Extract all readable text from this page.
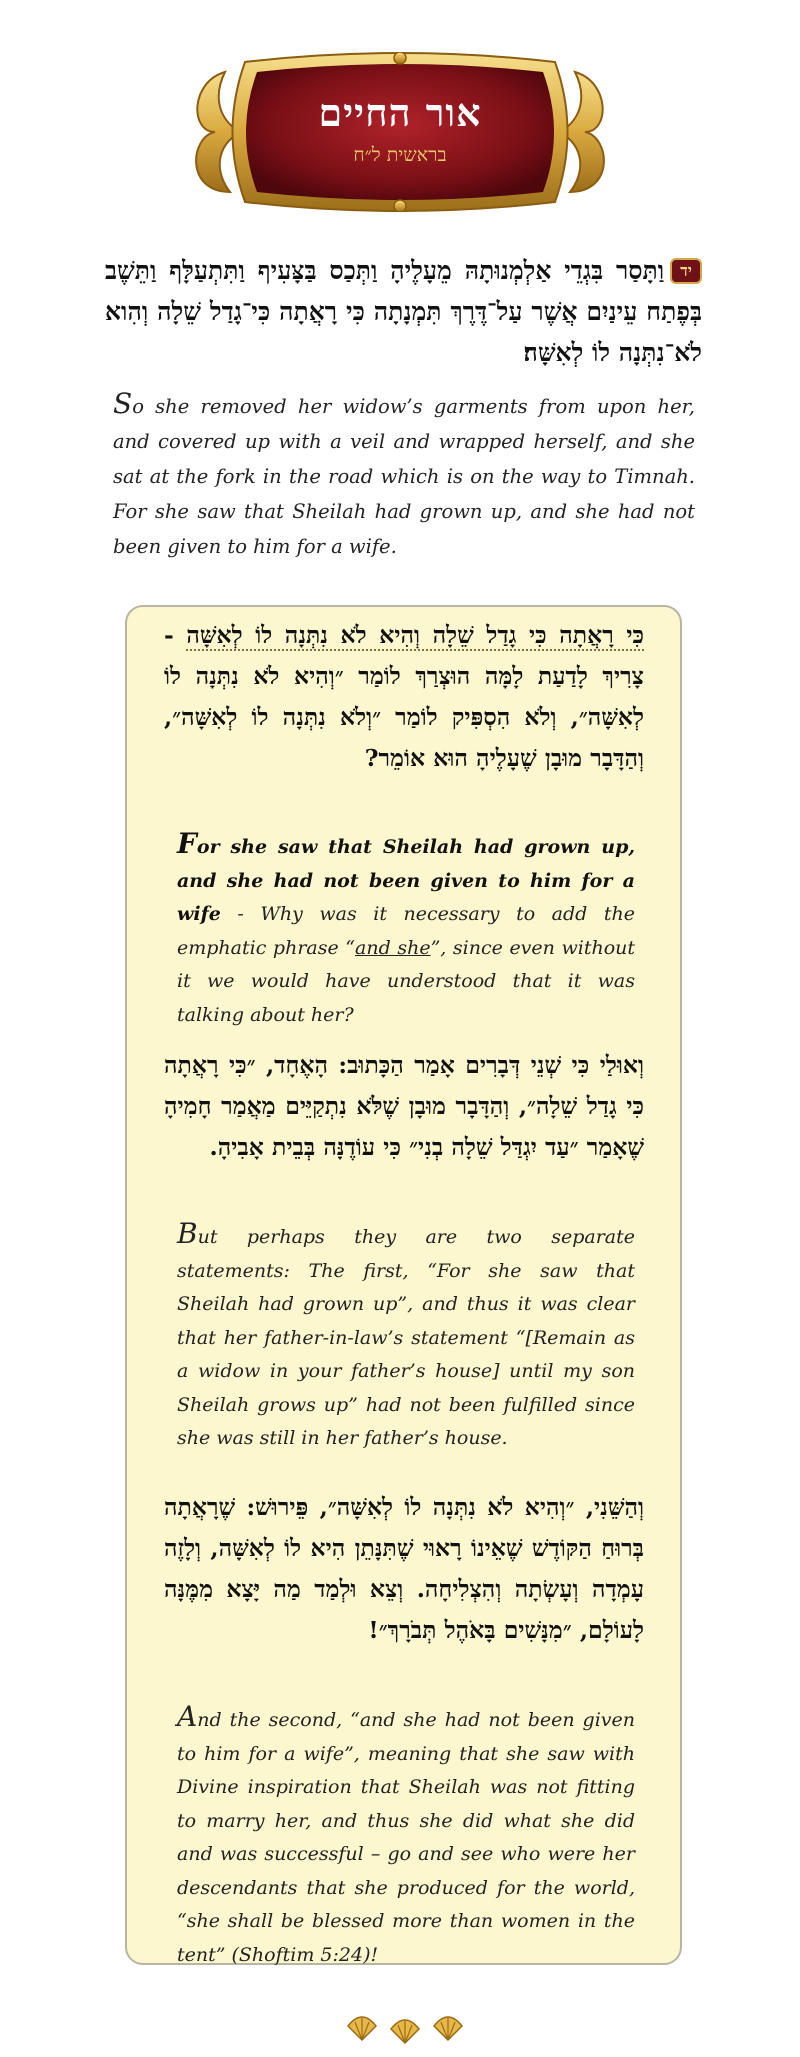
אור החיים
בראשית ל״ח
ידוַתָּסַר בִּגְדֵי אַלְמְנוּתָהּ מֵעָלֶיהָ וַתְּכַס בַּצָּעִיף וַתִּתְעַלָּף וַתֵּשֶׁב בְּפֶתַח עֵינַיִם אֲשֶׁר עַל־דֶּרֶךְ תִּמְנָתָה כִּי רָאֲתָה כִּי־גָדַל שֵׁלָה וְהִוא לֹא־נִתְּנָה לוֹ לְאִשָּׁה׃
So she removed her widow’s garments from upon her, and covered up with a veil and wrapped herself, and she sat at the fork in the road which is on the way to Timnah. For she saw that Sheilah had grown up, and she had not been given to him for a wife.
כִּי רָאֲתָה כִּי גָדַל שֵׁלָה וְהִיא לֹא נִתְּנָה לוֹ לְאִשָּׁה - צָרִיךְ לָדַעַת לָמָּה הוּצְרַךְ לוֹמַר ״וְהִיא לֹא נִתְּנָה לוֹ לְאִשָּׁה״, וְלֹא הִסְפִּיק לוֹמַר ״וְלֹא נִתְּנָה לוֹ לְאִשָּׁה״, וְהַדָּבָר מוּבָן שֶׁעָלֶיהָ הוּא אוֹמֵר?
For she saw that Sheilah had grown up, and she had not been given to him for a wife - Why was it necessary to add the emphatic phrase “and she”, since even without it we would have understood that it was talking about her?
וְאוּלַי כִּי שְׁנֵי דְּבָרִים אָמַר הַכָּתוּב: הָאֶחָד, ״כִּי רָאֲתָה כִּי גָדַל שֵׁלָה״, וְהַדָּבָר מוּבָן שֶׁלֹּא נִתְקַיֵּים מַאֲמַר חָמִיהָ שֶׁאָמַר ״עַד יִגְדַּל שֵׁלָה בְנִי״ כִּי עוֹדֶנָּה בְּבֵית אָבִיהָ.
But perhaps they are two separate statements: The first, “For she saw that Sheilah had grown up”, and thus it was clear that her father-in-law’s statement “[Remain as a widow in your father’s house] until my son Sheilah grows up” had not been fulfilled since she was still in her father’s house.
וְהַשֵּׁנִי, ״וְהִיא לֹא נִתְּנָה לוֹ לְאִשָּׁה״, פֵּירוּשׁ: שֶׁרָאֲתָה בְּרוּחַ הַקּוֹדֶשׁ שֶׁאֵינוֹ רָאוּי שֶׁתִּנָּתֵן הִיא לוֹ לְאִשָּׁה, וְלָזֶה עָמְדָה וְעָשְׂתָה וְהִצְלִיחָה. וְצֵא וּלְמַד מַה יָּצָא מִמֶּנָּה לָעוֹלָם, ״מִנָּשִׁים בָּאֹהֶל תְּבֹרָךְ״!
And the second, “and she had not been given to him for a wife”, meaning that she saw with Divine inspiration that Sheilah was not fitting to marry her, and thus she did what she did and was successful – go and see who were her descendants that she produced for the world, “she shall be blessed more than women in the tent” (Shoftim 5:24)!
